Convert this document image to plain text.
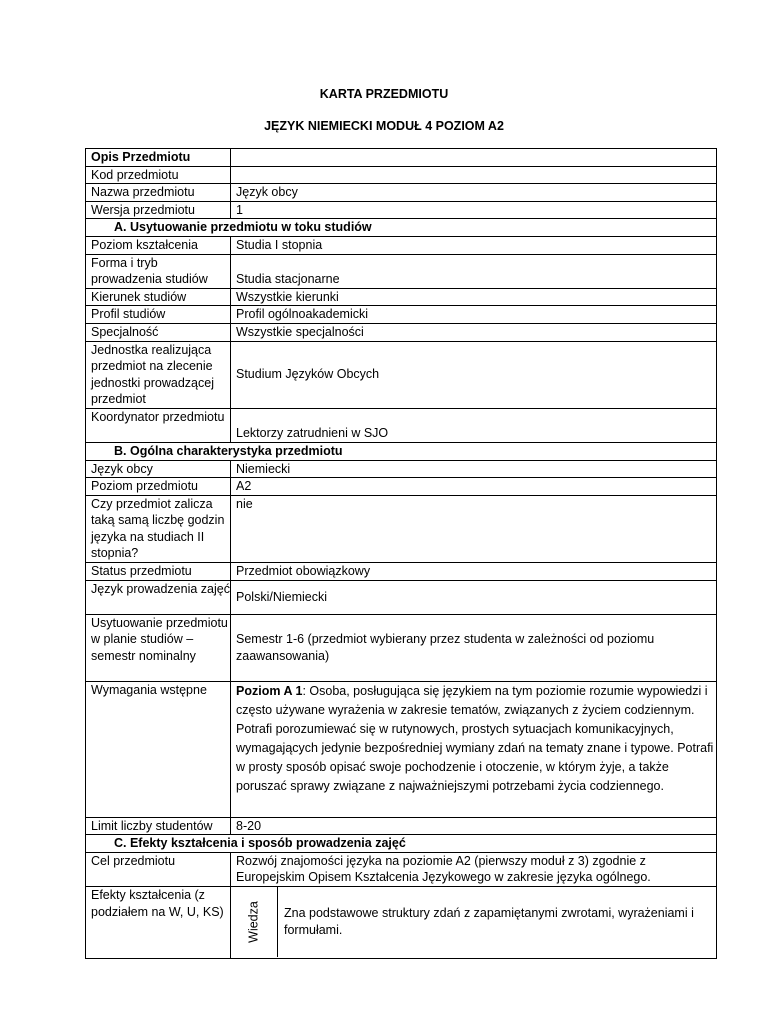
KARTA PRZEDMIOTU
JĘZYK NIEMIECKI MODUŁ 4 POZIOM A2
Opis Przedmiotu	
Kod przedmiotu	
Nazwa przedmiotu	Język obcy
Wersja przedmiotu	1
A. Usytuowanie przedmiotu w toku studiów
Poziom kształcenia	Studia I stopnia
Forma i tryb prowadzenia studiów	Studia stacjonarne
Kierunek studiów	Wszystkie kierunki
Profil studiów	Profil ogólnoakademicki
Specjalność	Wszystkie specjalności
Jednostka realizująca przedmiot na zlecenie jednostki prowadzącej przedmiot	Studium Języków Obcych
Koordynator przedmiotu	Lektorzy zatrudnieni w SJO
B. Ogólna charakterystyka przedmiotu
Język obcy	Niemiecki
Poziom przedmiotu	A2
Czy przedmiot zalicza taką samą liczbę godzin języka na studiach II stopnia?	nie
Status przedmiotu	Przedmiot obowiązkowy
Język prowadzenia zajęć	Polski/Niemiecki
Usytuowanie przedmiotu w planie studiów – semestr nominalny	Semestr 1-6 (przedmiot wybierany przez studenta w zależności od poziomu zaawansowania)
Wymagania wstępne	Poziom A 1: Osoba, posługująca się językiem na tym poziomie rozumie wypowiedzi i często używane wyrażenia w zakresie tematów, związanych z życiem codziennym. Potrafi porozumiewać się w rutynowych, prostych sytuacjach komunikacyjnych, wymagających jedynie bezpośredniej wymiany zdań na tematy znane i typowe. Potrafi w prosty sposób opisać swoje pochodzenie i otoczenie, w którym żyje, a także poruszać sprawy związane z najważniejszymi potrzebami życia codziennego.
Limit liczby studentów	8-20
C. Efekty kształcenia i sposób prowadzenia zajęć
Cel przedmiotu	Rozwój znajomości języka na poziomie A2 (pierwszy moduł z 3) zgodnie z Europejskim Opisem Kształcenia Językowego w zakresie języka ogólnego.
Efekty kształcenia (z podziałem na W, U, KS)	Wiedza	Zna podstawowe struktury zdań z zapamiętanymi zwrotami, wyrażeniami i formułami.
